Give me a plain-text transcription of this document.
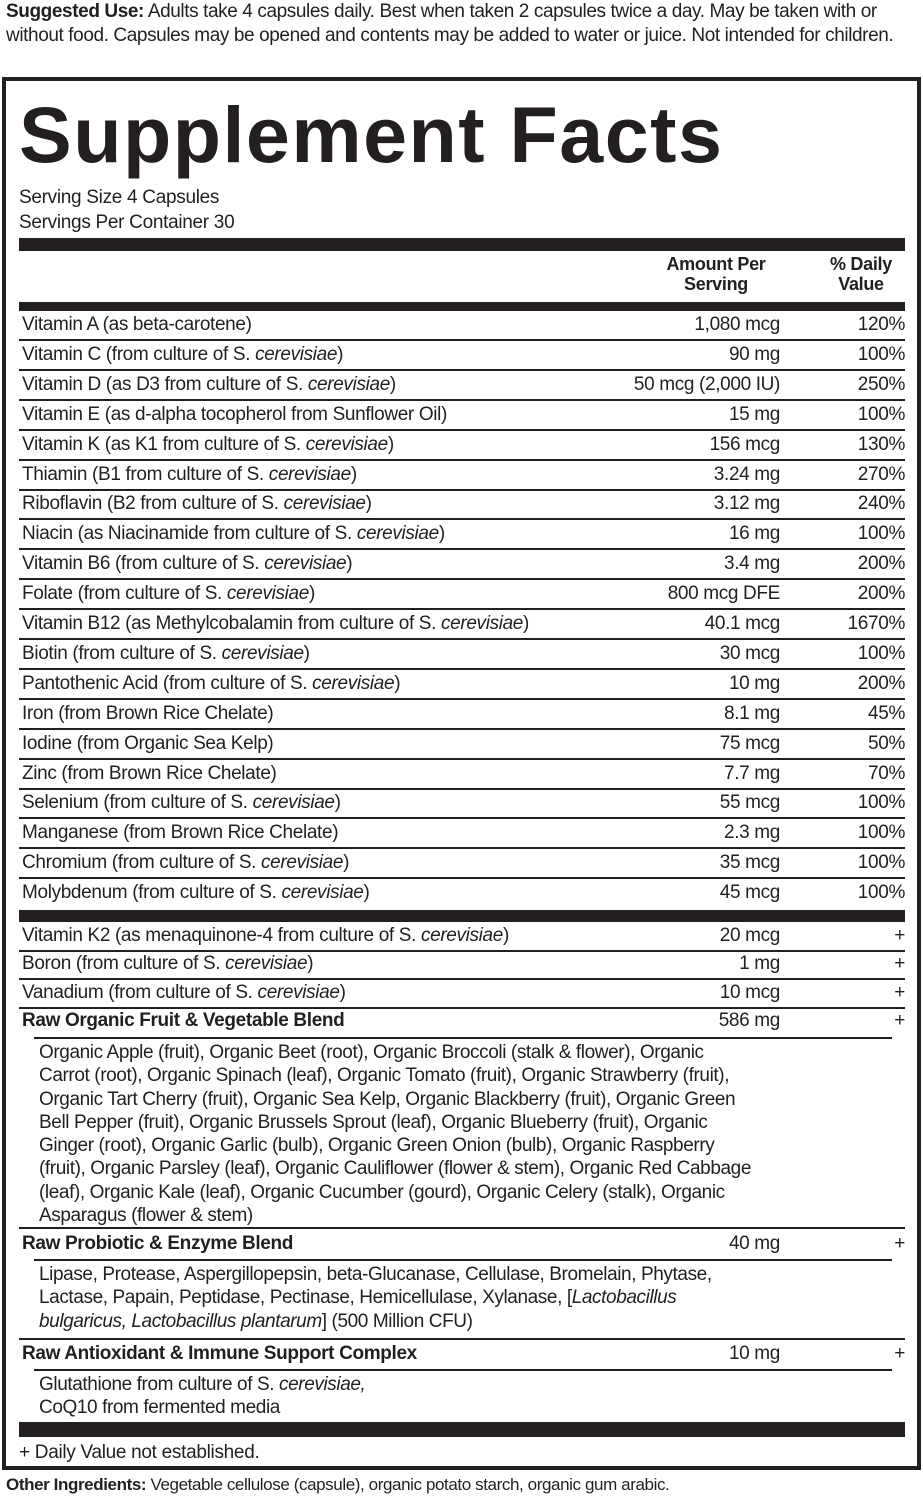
Suggested Use: Adults take 4 capsules daily. Best when taken 2 capsules twice a day. May be taken with or without food. Capsules may be opened and contents may be added to water or juice. Not intended for children.
Supplement Facts
Serving Size 4 Capsules
Servings Per Container 30
Amount Per
Serving
% Daily
Value
Vitamin A (as beta-carotene)	1,080 mcg	120%
Vitamin C (from culture of S. cerevisiae)	90 mg	100%
Vitamin D (as D3 from culture of S. cerevisiae)	50 mcg (2,000 IU)	250%
Vitamin E (as d-alpha tocopherol from Sunflower Oil)	15 mg	100%
Vitamin K (as K1 from culture of S. cerevisiae)	156 mcg	130%
Thiamin (B1 from culture of S. cerevisiae)	3.24 mg	270%
Riboflavin (B2 from culture of S. cerevisiae)	3.12 mg	240%
Niacin (as Niacinamide from culture of S. cerevisiae)	16 mg	100%
Vitamin B6 (from culture of S. cerevisiae)	3.4 mg	200%
Folate (from culture of S. cerevisiae)	800 mcg DFE	200%
Vitamin B12 (as Methylcobalamin from culture of S. cerevisiae)	40.1 mcg	1670%
Biotin (from culture of S. cerevisiae)	30 mcg	100%
Pantothenic Acid (from culture of S. cerevisiae)	10 mg	200%
Iron (from Brown Rice Chelate)	8.1 mg	45%
Iodine (from Organic Sea Kelp)	75 mcg	50%
Zinc (from Brown Rice Chelate)	7.7 mg	70%
Selenium (from culture of S. cerevisiae)	55 mcg	100%
Manganese (from Brown Rice Chelate)	2.3 mg	100%
Chromium (from culture of S. cerevisiae)	35 mcg	100%
Molybdenum (from culture of S. cerevisiae)	45 mcg	100%
Vitamin K2 (as menaquinone-4 from culture of S. cerevisiae)	20 mcg	+
Boron (from culture of S. cerevisiae)	1 mg	+
Vanadium (from culture of S. cerevisiae)	10 mcg	+
Raw Organic Fruit & Vegetable Blend	586 mg	+
Organic Apple (fruit), Organic Beet (root), Organic Broccoli (stalk & flower), Organic
Carrot (root), Organic Spinach (leaf), Organic Tomato (fruit), Organic Strawberry (fruit),
Organic Tart Cherry (fruit), Organic Sea Kelp, Organic Blackberry (fruit), Organic Green
Bell Pepper (fruit), Organic Brussels Sprout (leaf), Organic Blueberry (fruit), Organic
Ginger (root), Organic Garlic (bulb), Organic Green Onion (bulb), Organic Raspberry
(fruit), Organic Parsley (leaf), Organic Cauliflower (flower & stem), Organic Red Cabbage
(leaf), Organic Kale (leaf), Organic Cucumber (gourd), Organic Celery (stalk), Organic
Asparagus (flower & stem)
Raw Probiotic & Enzyme Blend	40 mg	+
Lipase, Protease, Aspergillopepsin, beta-Glucanase, Cellulase, Bromelain, Phytase,
Lactase, Papain, Peptidase, Pectinase, Hemicellulase, Xylanase, [Lactobacillus
bulgaricus, Lactobacillus plantarum] (500 Million CFU)
Raw Antioxidant & Immune Support Complex	10 mg	+
Glutathione from culture of S. cerevisiae,
CoQ10 from fermented media
+ Daily Value not established.
Other Ingredients: Vegetable cellulose (capsule), organic potato starch, organic gum arabic.
